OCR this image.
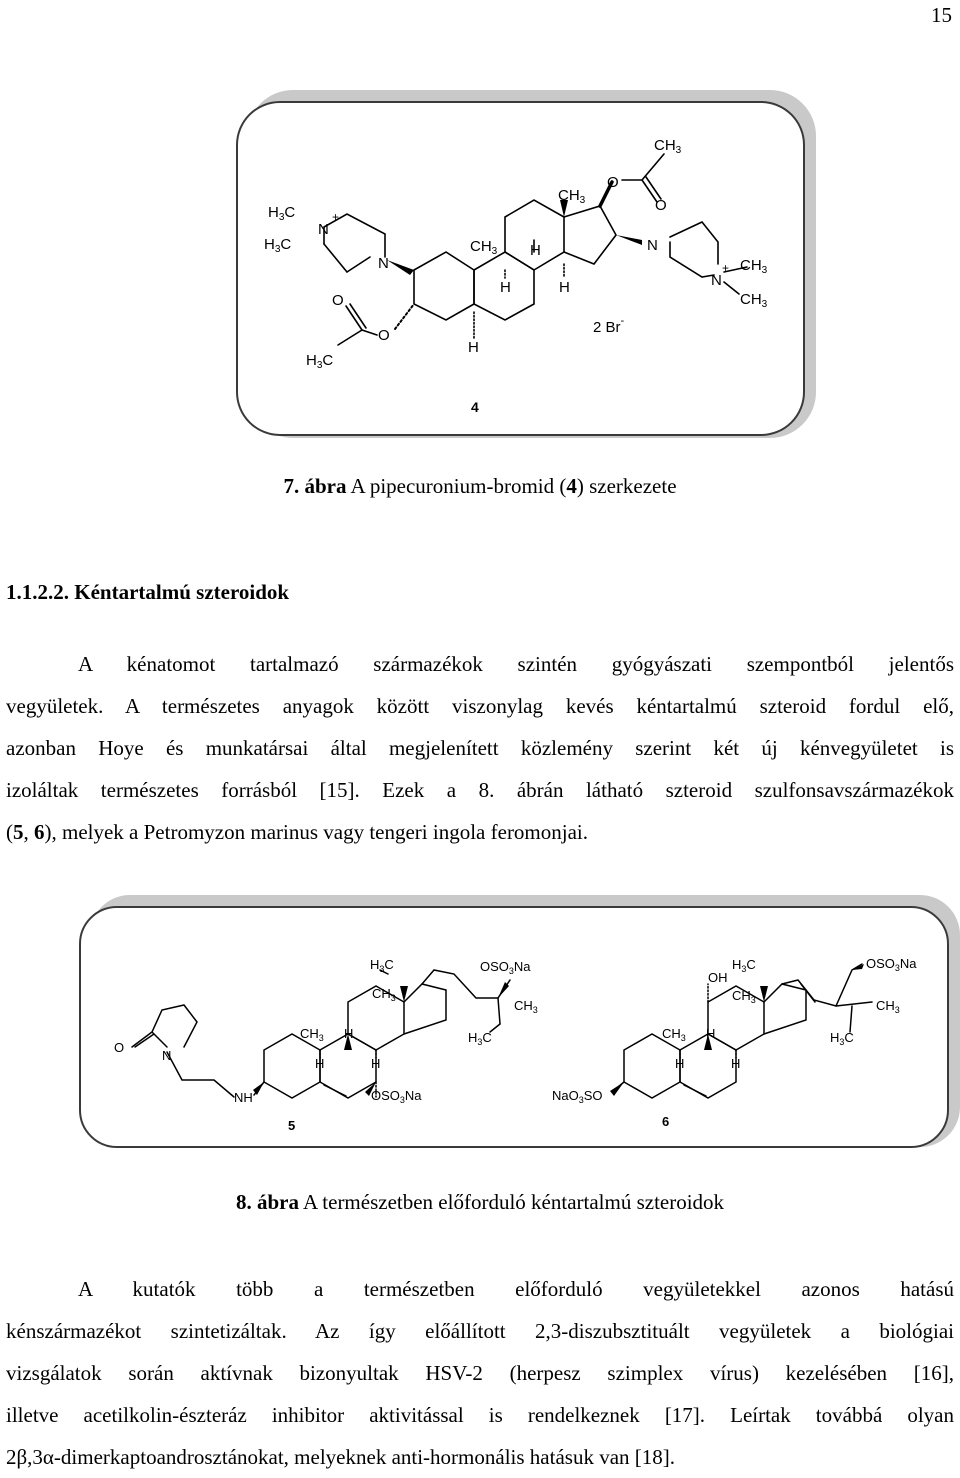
15
$H_3C$
$H_3C$
N
+
N
O
O
$H_3C$
$CH_3$ H
H	H
H
$CH_3$
O
O
$CH_3$
N
N
+ $CH_3$
$CH_3$
2 Br-
4
7. ábra A pipecuronium-bromid (4) szerkezete
1.1.2.2. Kéntartalmú szteroidok
A kénatomot tartalmazó származékok szintén gyógyászati szempontból jelentős
vegyületek. A természetes anyagok között viszonylag kevés kéntartalmú szteroid fordul elő,
azonban Hoye és munkatársai által megjelenített közlemény szerint két új kénvegyületet is
izoláltak természetes forrásból [15]. Ezek a 8. ábrán látható szteroid szulfonsavszármazékok
(5, 6), melyek a Petromyzon marinus vagy tengeri ingola feromonjai.
O
N
NH
$H_3C$
$CH_3$
$CH_3$ H
H	H
$OSO_3Na$
$CH_3$
$H_3C$
$OSO_3Na$
5
OH
$H_3C$
$CH_3$
$CH_3$ H
H	H
$OSO_3Na$
$CH_3$
$H_3C$
NaO$_3$SO
6
8. ábra A természetben előforduló kéntartalmú szteroidok
A kutatók több a természetben előforduló vegyületekkel azonos hatású
kénszármazékot szintetizáltak. Az így előállított 2,3-diszubsztituált vegyületek a biológiai
vizsgálatok során aktívnak bizonyultak HSV-2 (herpesz szimplex vírus) kezelésében [16],
illetve acetilkolin-észteráz inhibitor aktivitással is rendelkeznek [17]. Leírtak továbbá olyan
2β,3α-dimerkaptoandrosztánokat, melyeknek anti-hormonális hatásuk van [18].
